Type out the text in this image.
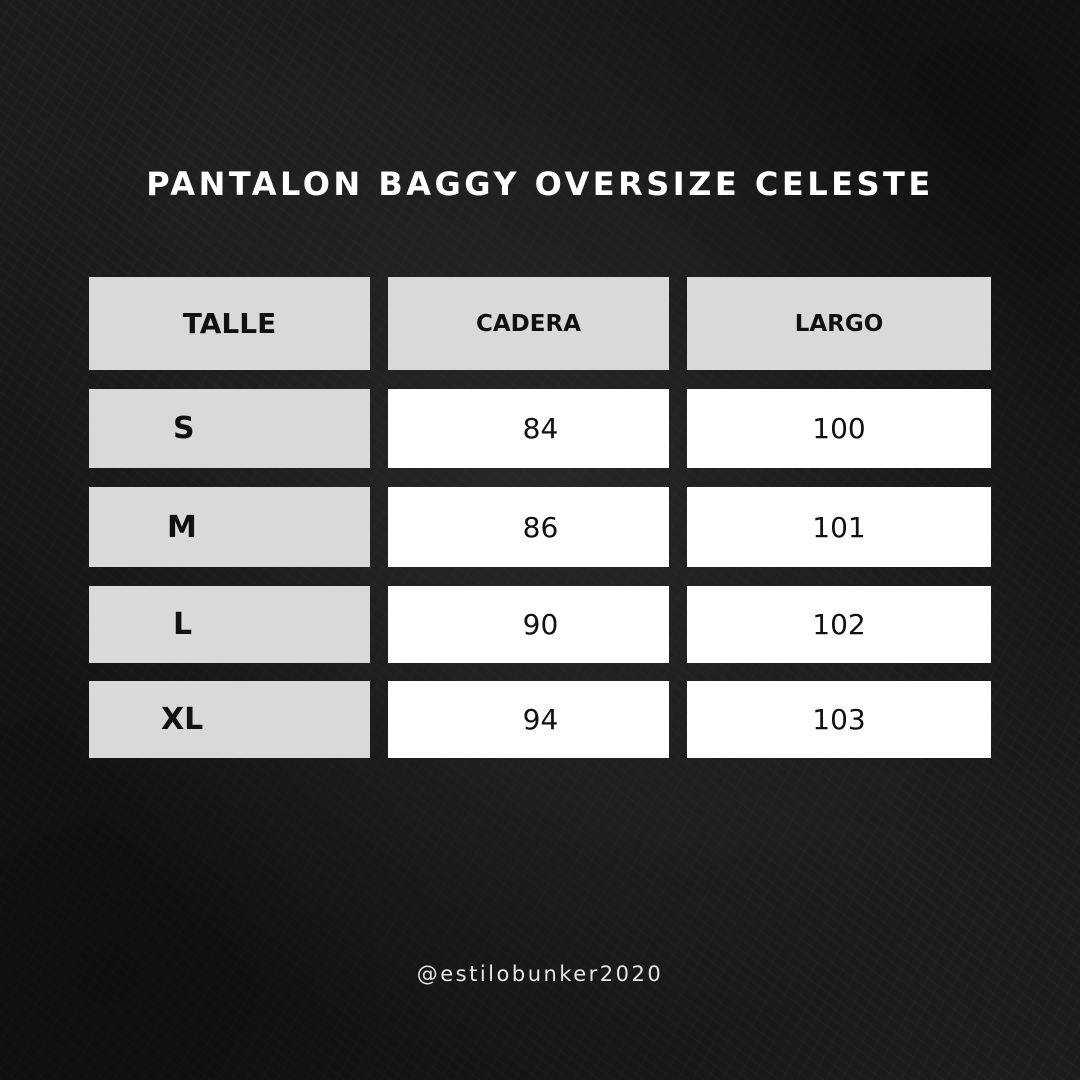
PANTALON BAGGY OVERSIZE CELESTE
TALLE	CADERA	LARGO
S	84	100
M	86	101
L	90	102
XL	94	103
@estilobunker2020
